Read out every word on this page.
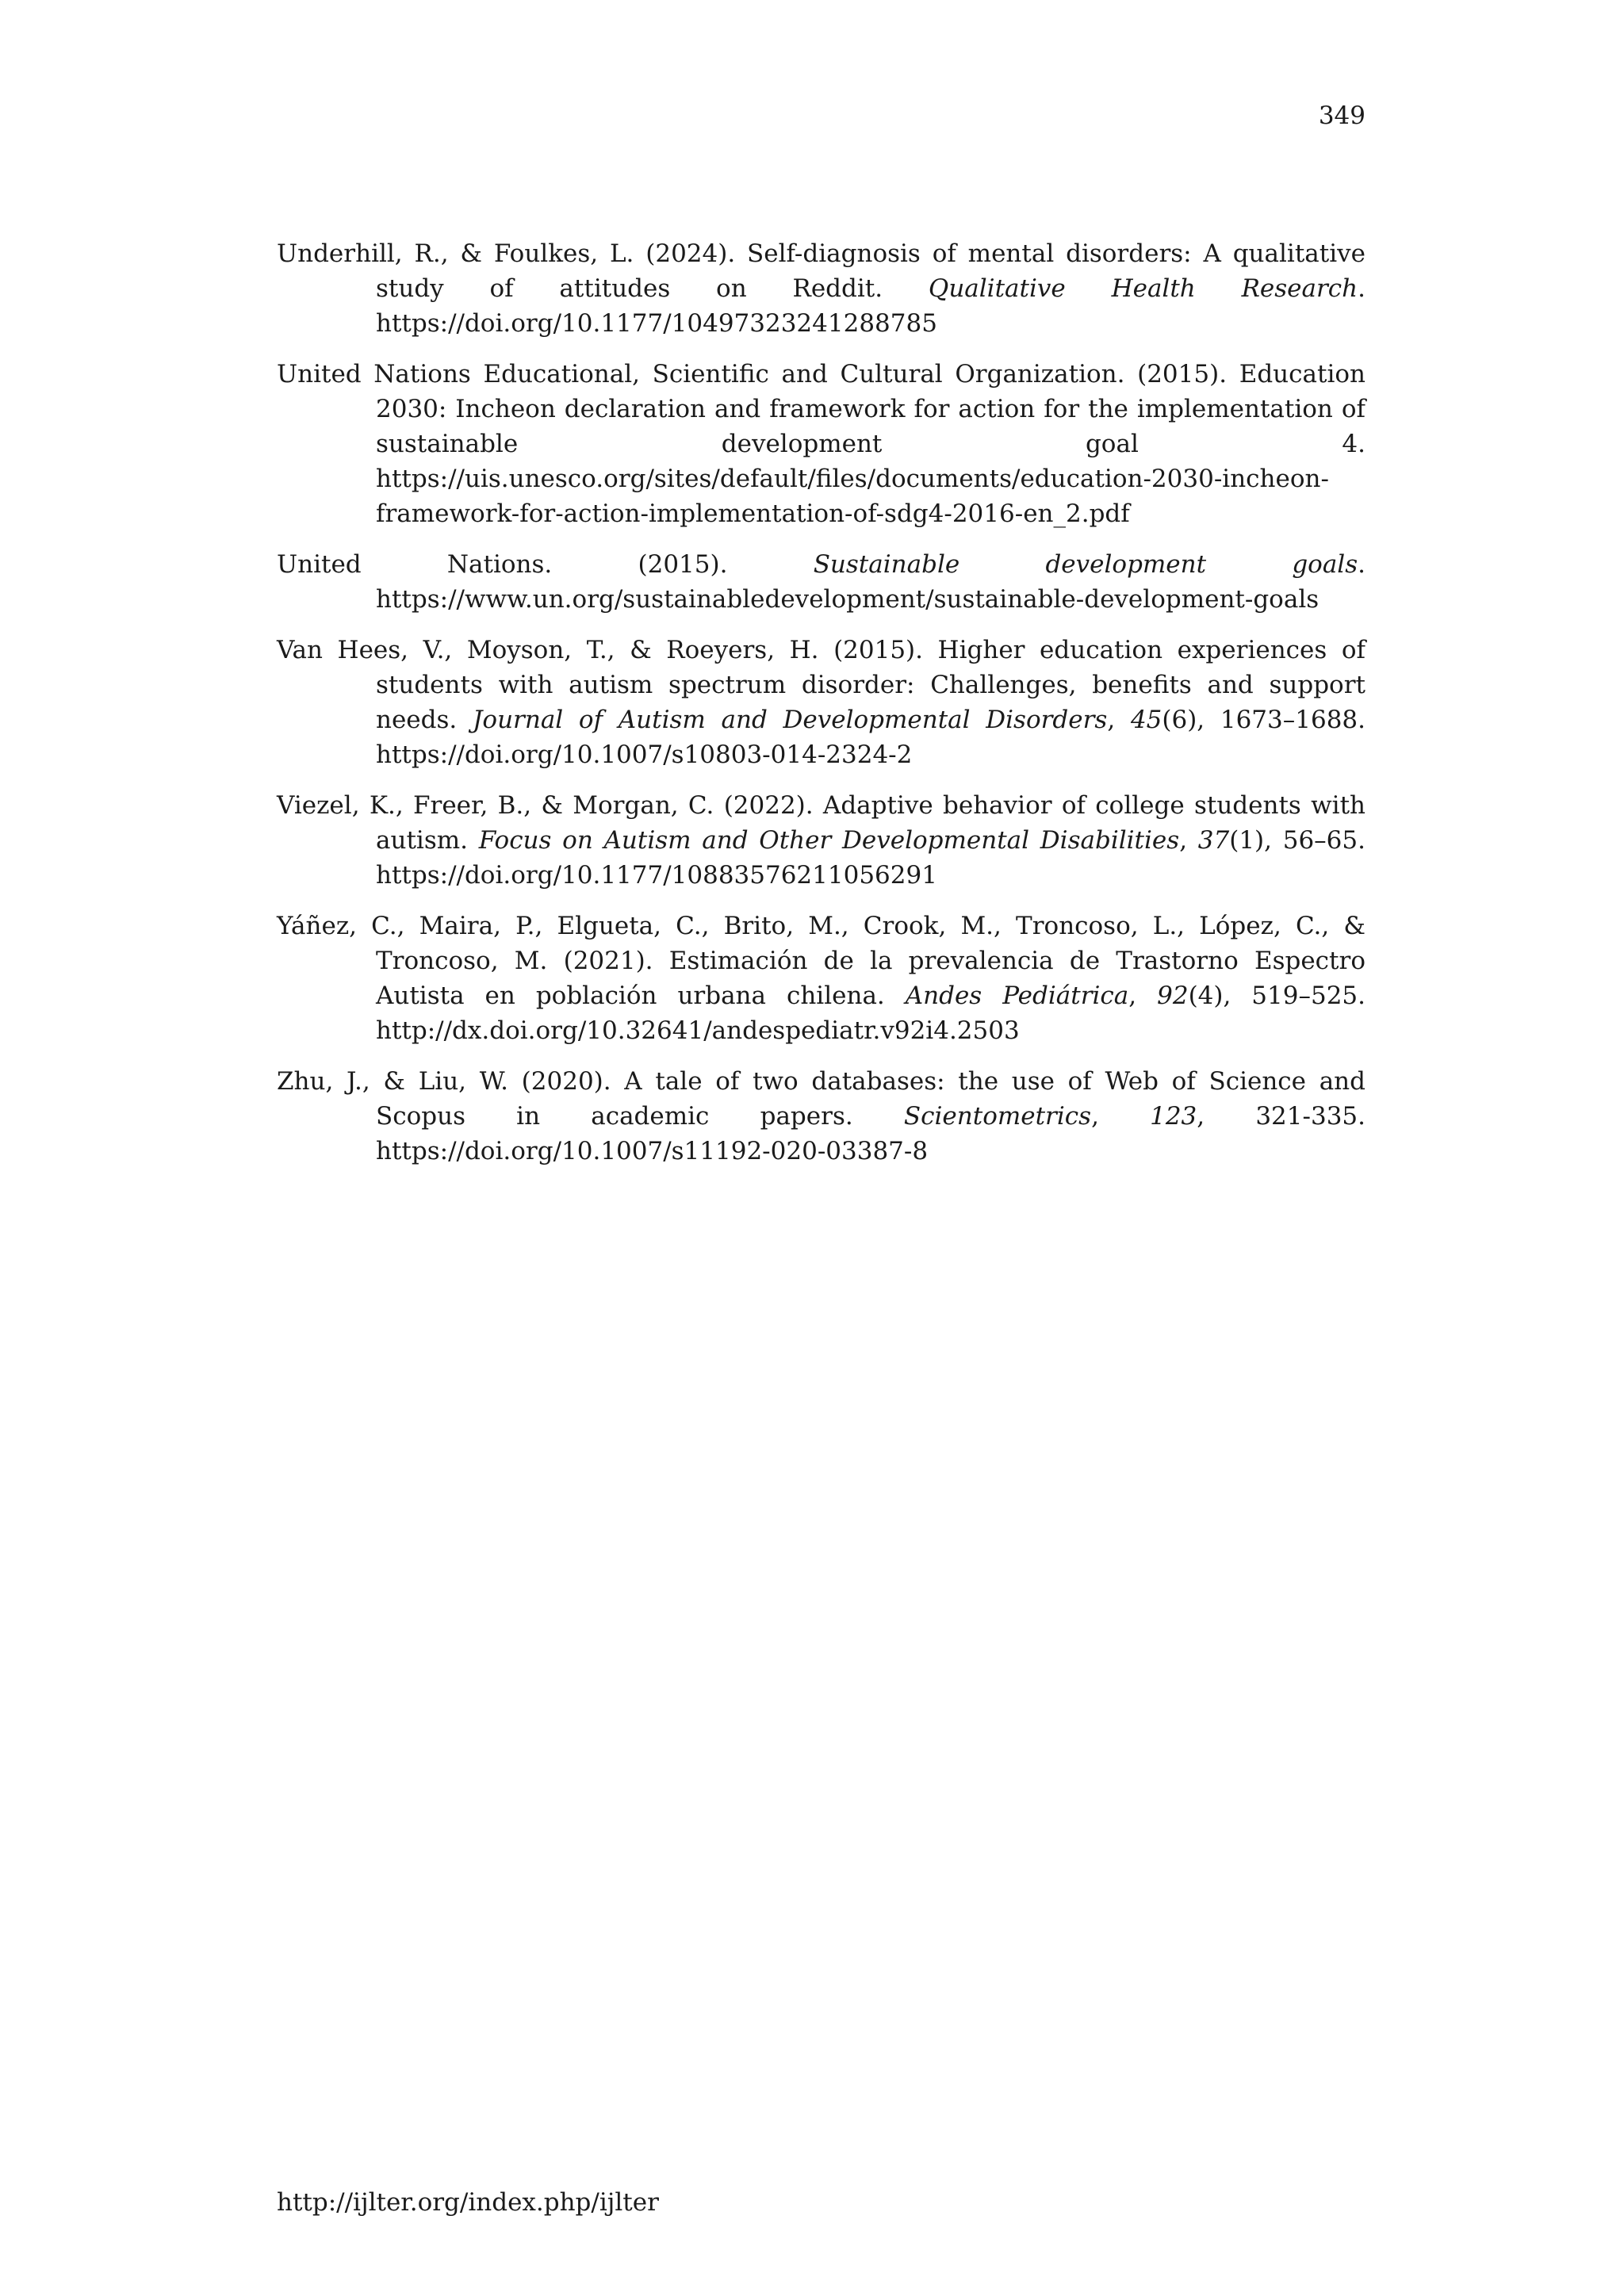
349

Underhill, R., & Foulkes, L. (2024). Self-diagnosis of mental disorders: A qualitative study of attitudes on Reddit. Qualitative Health Research. https://doi.org/10.1177/10497323241288785

United Nations Educational, Scientific and Cultural Organization. (2015). Education 2030: Incheon declaration and framework for action for the implementation of sustainable development goal 4. https://uis.unesco.org/sites/default/files/documents/education-2030-incheon-framework-for-action-implementation-of-sdg4-2016-en_2.pdf

United Nations. (2015). Sustainable development goals. https://www.un.org/sustainabledevelopment/sustainable-development-goals

Van Hees, V., Moyson, T., & Roeyers, H. (2015). Higher education experiences of students with autism spectrum disorder: Challenges, benefits and support needs. Journal of Autism and Developmental Disorders, 45(6), 1673–1688. https://doi.org/10.1007/s10803-014-2324-2

Viezel, K., Freer, B., & Morgan, C. (2022). Adaptive behavior of college students with autism. Focus on Autism and Other Developmental Disabilities, 37(1), 56–65. https://doi.org/10.1177/10883576211056291

Yáñez, C., Maira, P., Elgueta, C., Brito, M., Crook, M., Troncoso, L., López, C., & Troncoso, M. (2021). Estimación de la prevalencia de Trastorno Espectro Autista en población urbana chilena. Andes Pediátrica, 92(4), 519–525. http://dx.doi.org/10.32641/andespediatr.v92i4.2503

Zhu, J., & Liu, W. (2020). A tale of two databases: the use of Web of Science and Scopus in academic papers. Scientometrics, 123, 321-335. https://doi.org/10.1007/s11192-020-03387-8

http://ijlter.org/index.php/ijlter
